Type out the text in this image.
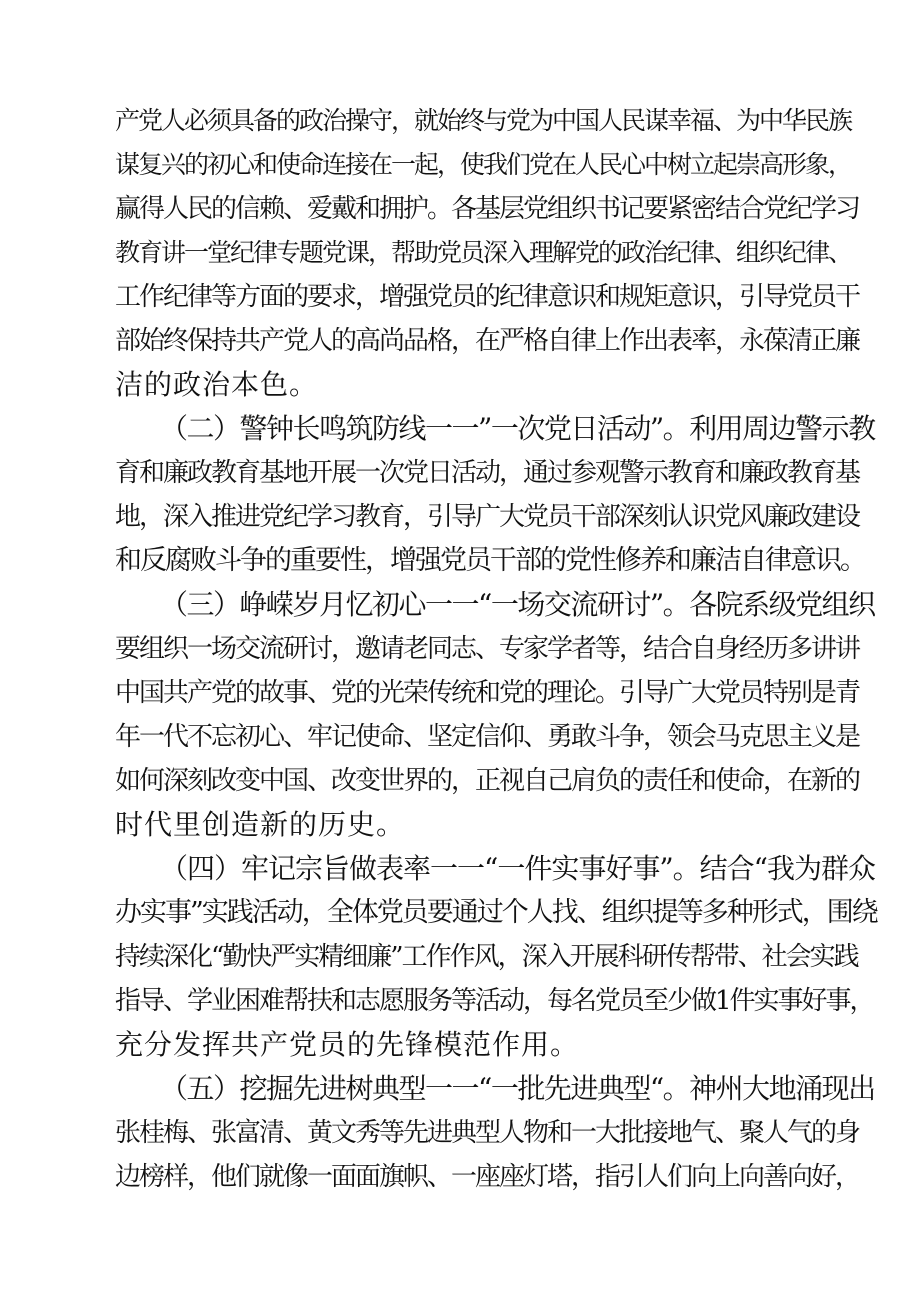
产党人必须具备的政治操守，就始终与党为中国人民谋幸福、为中华民族
谋复兴的初心和使命连接在一起，使我们党在人民心中树立起崇高形象，
赢得人民的信赖、爱戴和拥护。各基层党组织书记要紧密结合党纪学习
教育讲一堂纪律专题党课，帮助党员深入理解党的政治纪律、组织纪律、
工作纪律等方面的要求，增强党员的纪律意识和规矩意识，引导党员干
部始终保持共产党人的高尚品格，在严格自律上作出表率，永葆清正廉
洁的政治本色。
（二）警钟长鸣筑防线一一”一次党日活动”。利用周边警示教
育和廉政教育基地开展一次党日活动，通过参观警示教育和廉政教育基
地，深入推进党纪学习教育，引导广大党员干部深刻认识党风廉政建设
和反腐败斗争的重要性，增强党员干部的党性修养和廉洁自律意识。
（三）峥嵘岁月忆初心一一“一场交流研讨”。各院系级党组织
要组织一场交流研讨，邀请老同志、专家学者等，结合自身经历多讲讲
中国共产党的故事、党的光荣传统和党的理论。引导广大党员特别是青
年一代不忘初心、牢记使命、坚定信仰、勇敢斗争，领会马克思主义是
如何深刻改变中国、改变世界的，正视自己肩负的责任和使命，在新的
时代里创造新的历史。
（四）牢记宗旨做表率一一“一件实事好事”。结合“我为群众
办实事”实践活动，全体党员要通过个人找、组织提等多种形式，围绕
持续深化“勤快严实精细廉”工作作风，深入开展科研传帮带、社会实践
指导、学业困难帮扶和志愿服务等活动，每名党员至少做1件实事好事，
充分发挥共产党员的先锋模范作用。
（五）挖掘先进树典型一一“一批先进典型“。神州大地涌现出
张桂梅、张富清、黄文秀等先进典型人物和一大批接地气、聚人气的身
边榜样，他们就像一面面旗帜、一座座灯塔，指引人们向上向善向好，
